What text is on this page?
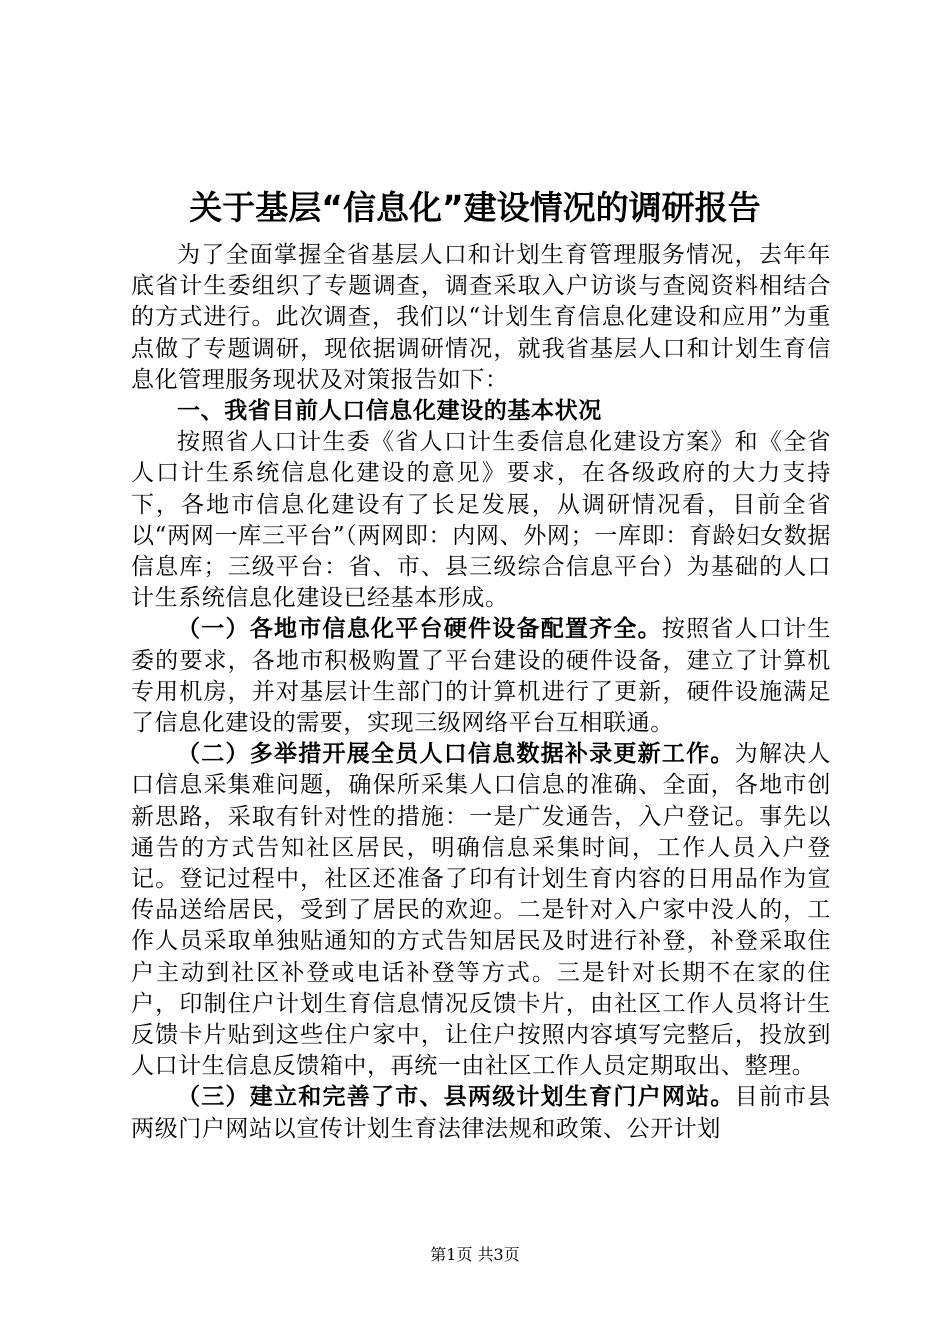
关于基层“信息化”建设情况的调研报告

为了全面掌握全省基层人口和计划生育管理服务情况，去年年底省计生委组织了专题调查，调查采取入户访谈与查阅资料相结合的方式进行。此次调查，我们以“计划生育信息化建设和应用”为重点做了专题调研，现依据调研情况，就我省基层人口和计划生育信息化管理服务现状及对策报告如下：

一、我省目前人口信息化建设的基本状况

按照省人口计生委《省人口计生委信息化建设方案》和《全省人口计生系统信息化建设的意见》要求，在各级政府的大力支持下，各地市信息化建设有了长足发展，从调研情况看，目前全省以“两网一库三平台”（两网即：内网、外网；一库即：育龄妇女数据信息库；三级平台：省、市、县三级综合信息平台）为基础的人口计生系统信息化建设已经基本形成。

（一）各地市信息化平台硬件设备配置齐全。按照省人口计生委的要求，各地市积极购置了平台建设的硬件设备，建立了计算机专用机房，并对基层计生部门的计算机进行了更新，硬件设施满足了信息化建设的需要，实现三级网络平台互相联通。

（二）多举措开展全员人口信息数据补录更新工作。为解决人口信息采集难问题，确保所采集人口信息的准确、全面，各地市创新思路，采取有针对性的措施：一是广发通告，入户登记。事先以通告的方式告知社区居民，明确信息采集时间，工作人员入户登记。登记过程中，社区还准备了印有计划生育内容的日用品作为宣传品送给居民，受到了居民的欢迎。二是针对入户家中没人的，工作人员采取单独贴通知的方式告知居民及时进行补登，补登采取住户主动到社区补登或电话补登等方式。三是针对长期不在家的住户，印制住户计划生育信息情况反馈卡片，由社区工作人员将计生反馈卡片贴到这些住户家中，让住户按照内容填写完整后，投放到人口计生信息反馈箱中，再统一由社区工作人员定期取出、整理。

（三）建立和完善了市、县两级计划生育门户网站。目前市县两级门户网站以宣传计划生育法律法规和政策、公开计划

第1页 共3页
